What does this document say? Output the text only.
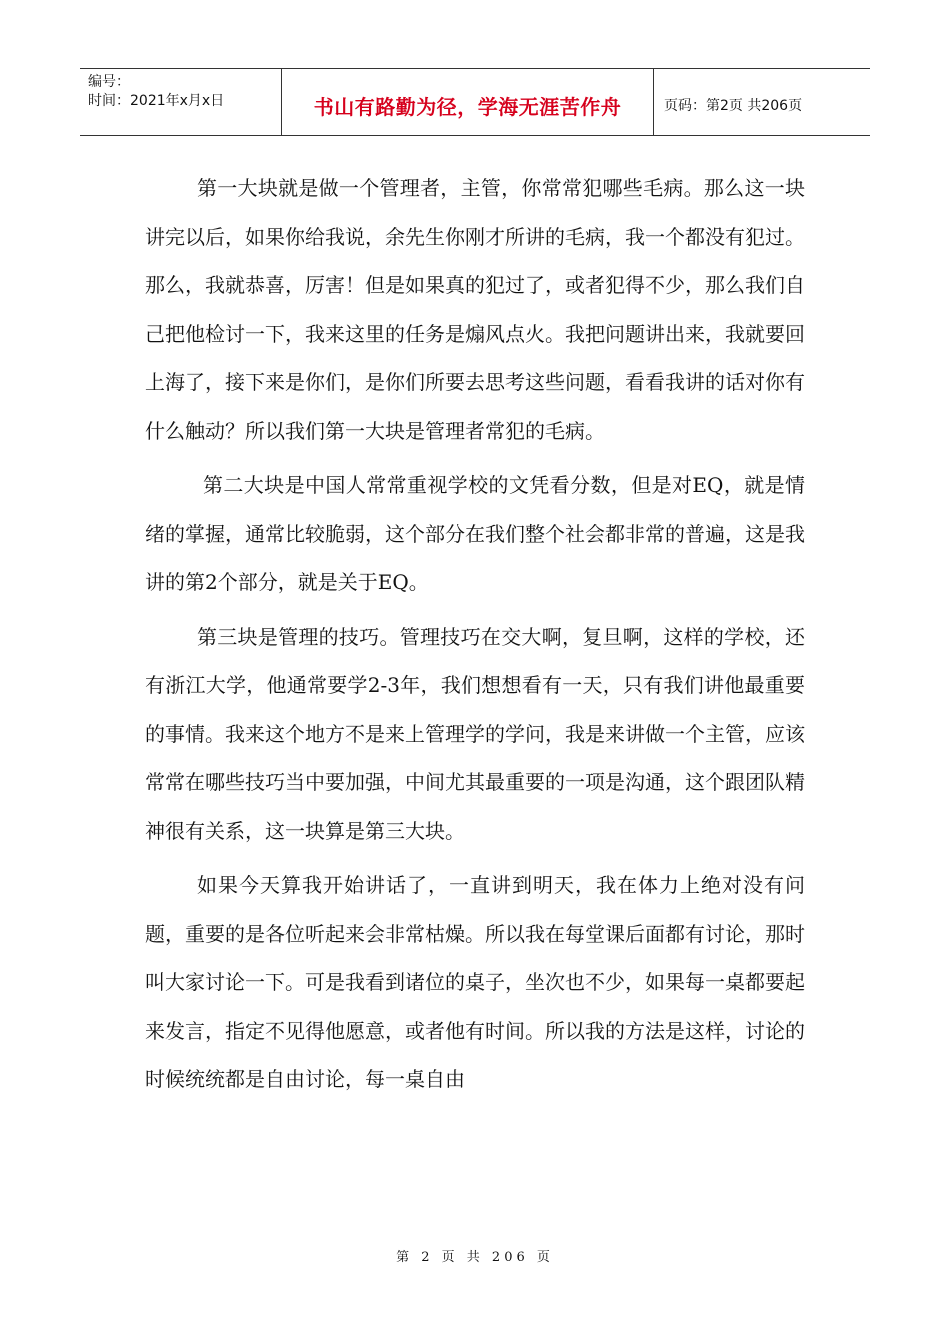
编号：
时间：2021年x月x日	书山有路勤为径，学海无涯苦作舟	页码：第2页 共206页

第一大块就是做一个管理者，主管，你常常犯哪些毛病。那么这一块讲完以后，如果你给我说，余先生你刚才所讲的毛病，我一个都没有犯过。那么，我就恭喜，厉害！但是如果真的犯过了，或者犯得不少，那么我们自己把他检讨一下，我来这里的任务是煽风点火。我把问题讲出来，我就要回上海了，接下来是你们，是你们所要去思考这些问题，看看我讲的话对你有什么触动？所以我们第一大块是管理者常犯的毛病。

第二大块是中国人常常重视学校的文凭看分数，但是对EQ，就是情绪的掌握，通常比较脆弱，这个部分在我们整个社会都非常的普遍，这是我讲的第2个部分，就是关于EQ。

第三块是管理的技巧。管理技巧在交大啊，复旦啊，这样的学校，还有浙江大学，他通常要学2-3年，我们想想看有一天，只有我们讲他最重要的事情。我来这个地方不是来上管理学的学问，我是来讲做一个主管，应该常常在哪些技巧当中要加强，中间尤其最重要的一项是沟通，这个跟团队精神很有关系，这一块算是第三大块。

如果今天算我开始讲话了，一直讲到明天，我在体力上绝对没有问题，重要的是各位听起来会非常枯燥。所以我在每堂课后面都有讨论，那时叫大家讨论一下。可是我看到诸位的桌子，坐次也不少，如果每一桌都要起来发言，指定不见得他愿意，或者他有时间。所以我的方法是这样，讨论的时候统统都是自由讨论，每一桌自由

第 2 页 共 206 页
